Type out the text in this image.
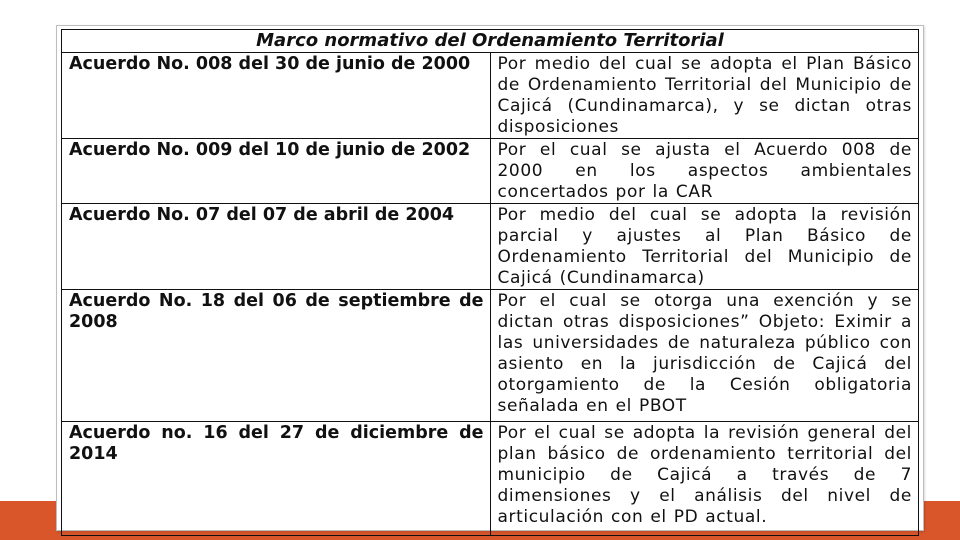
Marco normativo del Ordenamiento Territorial	
Acuerdo No. 008 del 30 de junio de 2000	Por medio del cual se adopta el Plan Básico de Ordenamiento Territorial del Municipio de Cajicá (Cundinamarca), y se dictan otras disposiciones
Acuerdo No. 009 del 10 de junio de 2002	Por el cual se ajusta el Acuerdo 008 de 2000 en los aspectos ambientales concertados por la CAR
Acuerdo No. 07 del 07 de abril de 2004	Por medio del cual se adopta la revisión parcial y ajustes al Plan Básico de Ordenamiento Territorial del Municipio de Cajicá (Cundinamarca)
Acuerdo No. 18 del 06 de septiembre de 2008	Por el cual se otorga una exención y se dictan otras disposiciones” Objeto: Eximir a las universidades de naturaleza público con asiento en la jurisdicción de Cajicá del otorgamiento de la Cesión obligatoria señalada en el PBOT
Acuerdo no. 16 del 27 de diciembre de 2014	Por el cual se adopta la revisión general del plan básico de ordenamiento territorial del municipio de Cajicá a través de 7 dimensiones y el análisis del nivel de articulación con el PD actual.
